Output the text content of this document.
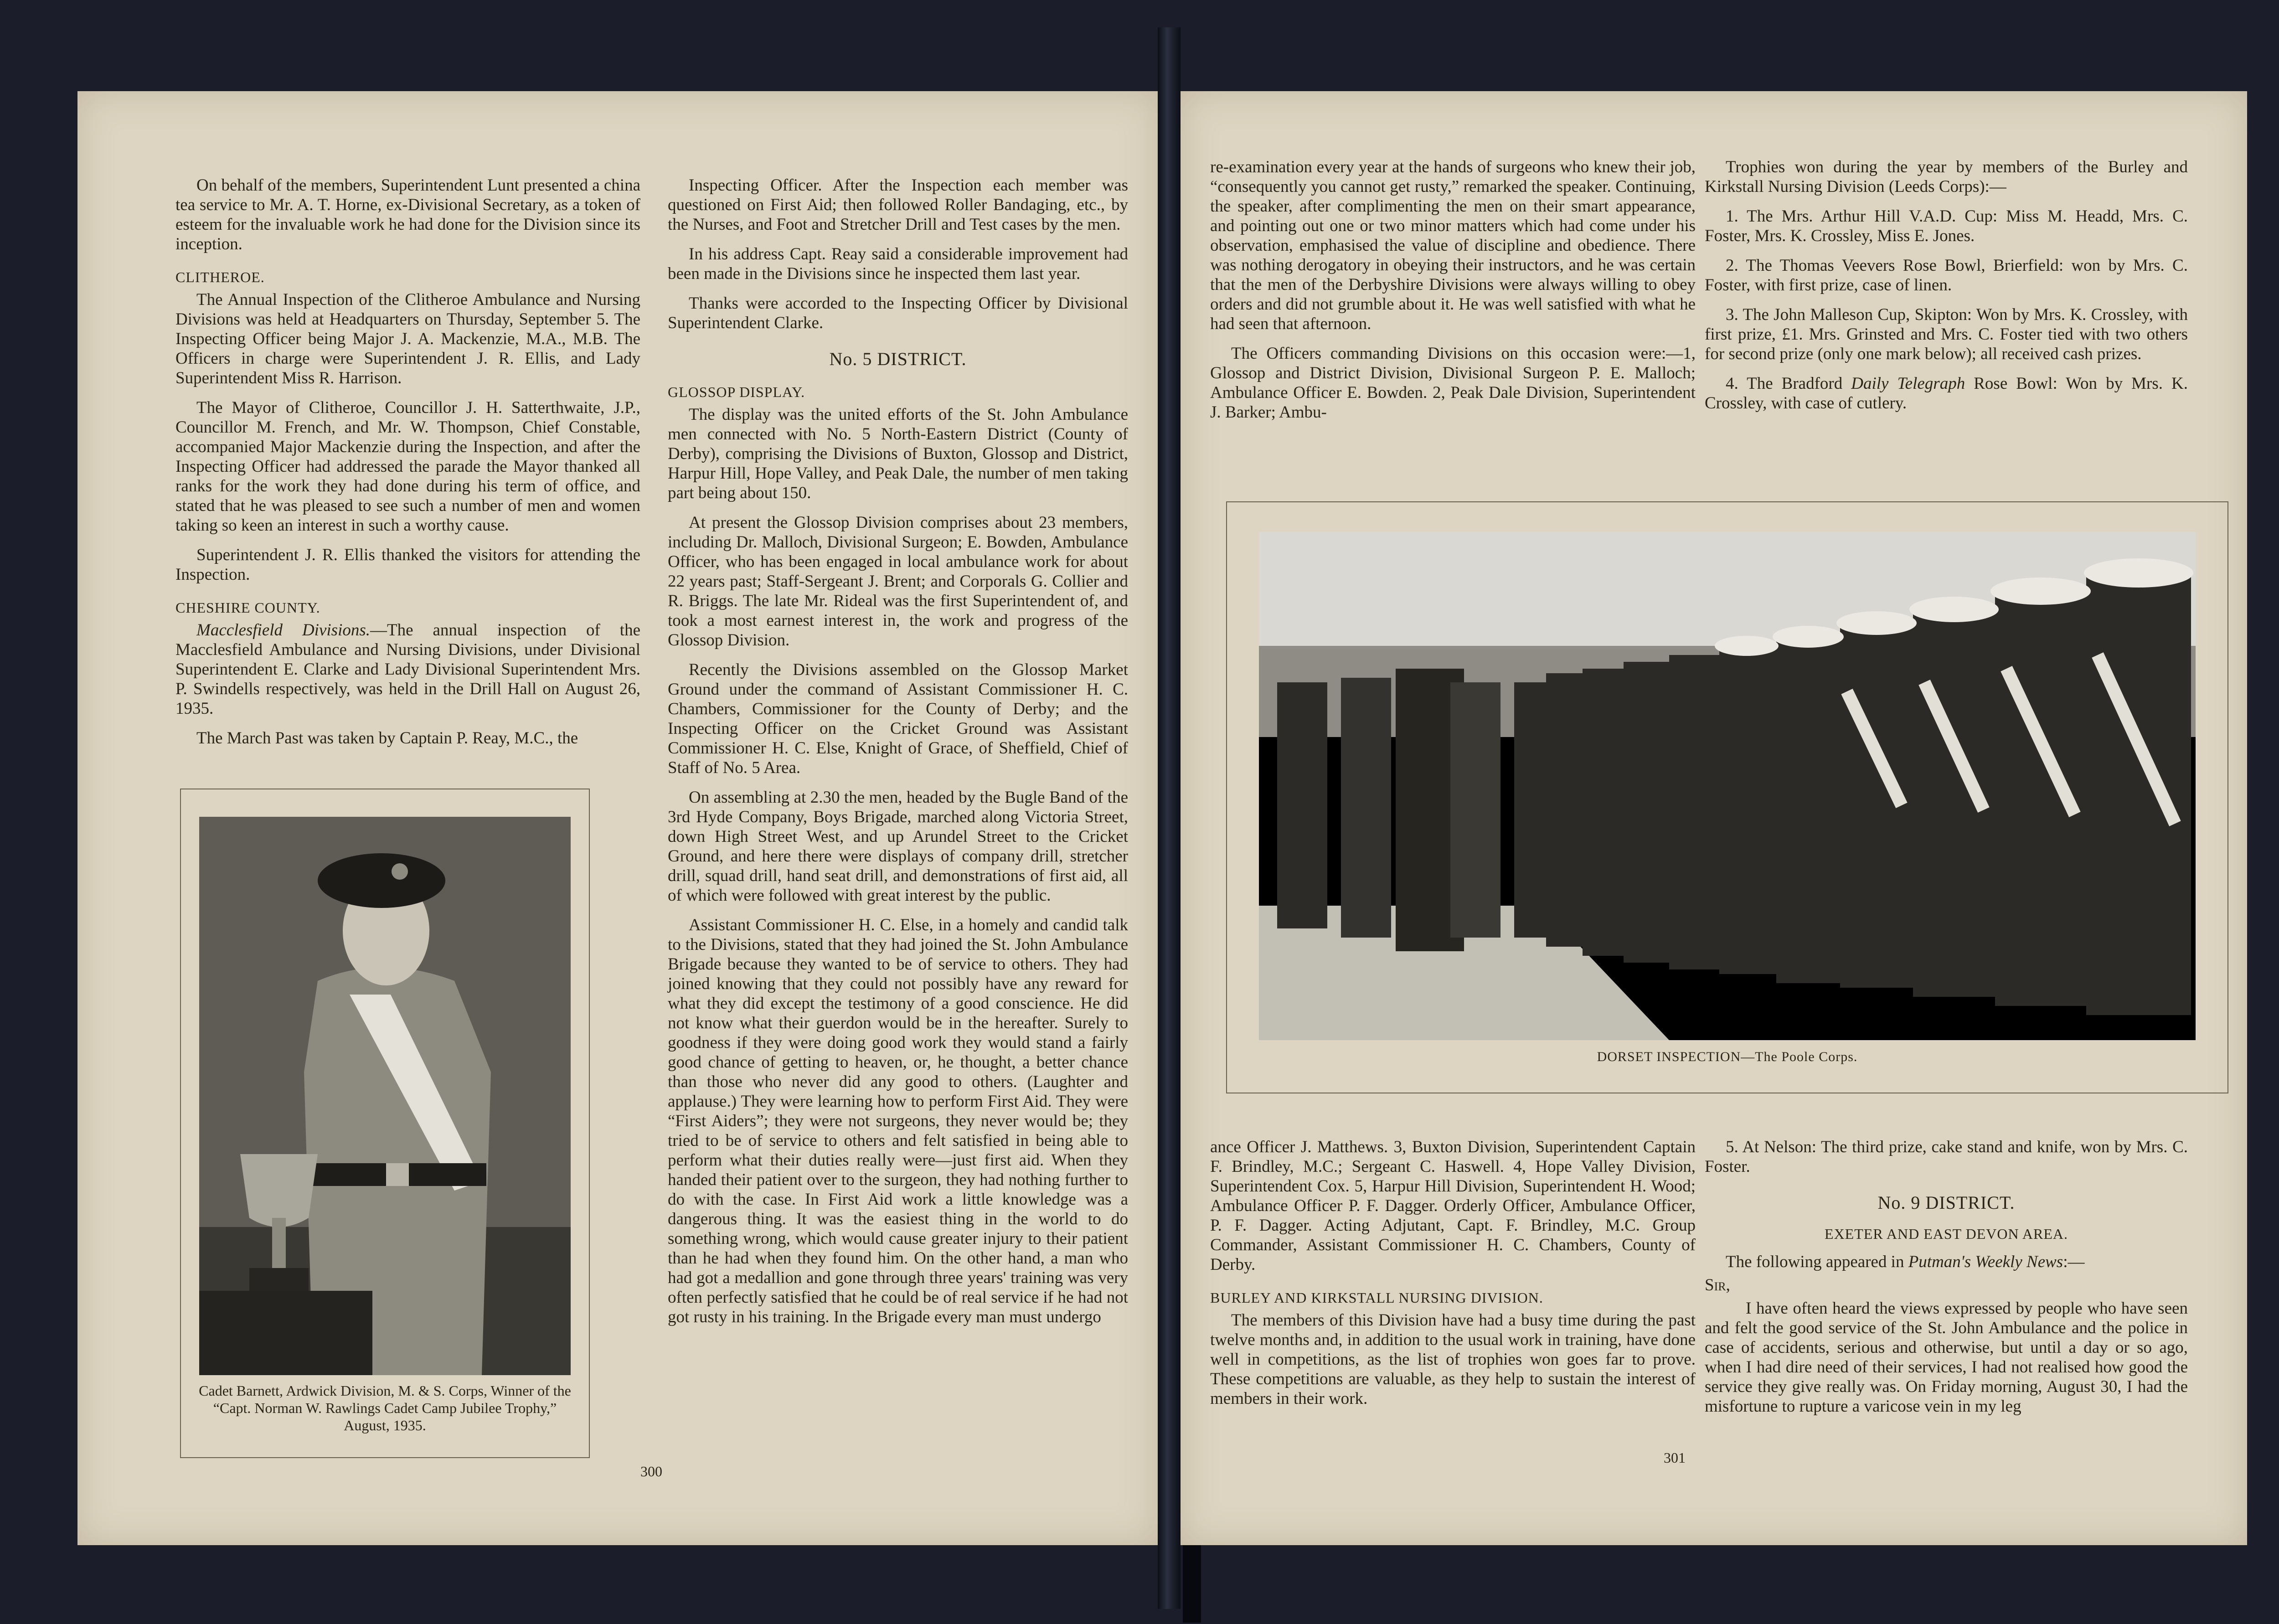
On behalf of the members, Superintendent Lunt presented a china tea service to Mr. A. T. Horne, ex-Divisional Secretary, as a token of esteem for the invaluable work he had done for the Division since its inception.

CLITHEROE.

The Annual Inspection of the Clitheroe Ambulance and Nursing Divisions was held at Headquarters on Thursday, September 5. The Inspecting Officer being Major J. A. Mackenzie, M.A., M.B. The Officers in charge were Superintendent J. R. Ellis, and Lady Superintendent Miss R. Harrison.

The Mayor of Clitheroe, Councillor J. H. Satterthwaite, J.P., Councillor M. French, and Mr. W. Thompson, Chief Constable, accompanied Major Mackenzie during the Inspection, and after the Inspecting Officer had addressed the parade the Mayor thanked all ranks for the work they had done during his term of office, and stated that he was pleased to see such a number of men and women taking so keen an interest in such a worthy cause.

Superintendent J. R. Ellis thanked the visitors for attending the Inspection.

CHESHIRE COUNTY.

Macclesfield Divisions.—The annual inspection of the Macclesfield Ambulance and Nursing Divisions, under Divisional Superintendent E. Clarke and Lady Divisional Superintendent Mrs. P. Swindells respectively, was held in the Drill Hall on August 26, 1935.

The March Past was taken by Captain P. Reay, M.C., the

Cadet Barnett, Ardwick Division, M. & S. Corps, Winner of the “Capt. Norman W. Rawlings Cadet Camp Jubilee Trophy,” August, 1935.

Inspecting Officer. After the Inspection each member was questioned on First Aid; then followed Roller Bandaging, etc., by the Nurses, and Foot and Stretcher Drill and Test cases by the men.

In his address Capt. Reay said a considerable improvement had been made in the Divisions since he inspected them last year.

Thanks were accorded to the Inspecting Officer by Divisional Superintendent Clarke.

No. 5 DISTRICT.
GLOSSOP DISPLAY.

The display was the united efforts of the St. John Ambulance men connected with No. 5 North-Eastern District (County of Derby), comprising the Divisions of Buxton, Glossop and District, Harpur Hill, Hope Valley, and Peak Dale, the number of men taking part being about 150.

At present the Glossop Division comprises about 23 members, including Dr. Malloch, Divisional Surgeon; E. Bowden, Ambulance Officer, who has been engaged in local ambulance work for about 22 years past; Staff-Sergeant J. Brent; and Corporals G. Collier and R. Briggs. The late Mr. Rideal was the first Superintendent of, and took a most earnest interest in, the work and progress of the Glossop Division.

Recently the Divisions assembled on the Glossop Market Ground under the command of Assistant Commissioner H. C. Chambers, Commissioner for the County of Derby; and the Inspecting Officer on the Cricket Ground was Assistant Commissioner H. C. Else, Knight of Grace, of Sheffield, Chief of Staff of No. 5 Area.

On assembling at 2.30 the men, headed by the Bugle Band of the 3rd Hyde Company, Boys Brigade, marched along Victoria Street, down High Street West, and up Arundel Street to the Cricket Ground, and here there were displays of company drill, stretcher drill, squad drill, hand seat drill, and demonstrations of first aid, all of which were followed with great interest by the public.

Assistant Commissioner H. C. Else, in a homely and candid talk to the Divisions, stated that they had joined the St. John Ambulance Brigade because they wanted to be of service to others. They had joined knowing that they could not possibly have any reward for what they did except the testimony of a good conscience. He did not know what their guerdon would be in the hereafter. Surely to goodness if they were doing good work they would stand a fairly good chance of getting to heaven, or, he thought, a better chance than those who never did any good to others. (Laughter and applause.) They were learning how to perform First Aid. They were “First Aiders”; they were not surgeons, they never would be; they tried to be of service to others and felt satisfied in being able to perform what their duties really were—just first aid. When they handed their patient over to the surgeon, they had nothing further to do with the case. In First Aid work a little knowledge was a dangerous thing. It was the easiest thing in the world to do something wrong, which would cause greater injury to their patient than he had when they found him. On the other hand, a man who had got a medallion and gone through three years' training was very often perfectly satisfied that he could be of real service if he had not got rusty in his training. In the Brigade every man must undergo

300

re-examination every year at the hands of surgeons who knew their job, “consequently you cannot get rusty,” remarked the speaker. Continuing, the speaker, after complimenting the men on their smart appearance, and pointing out one or two minor matters which had come under his observation, emphasised the value of discipline and obedience. There was nothing derogatory in obeying their instructors, and he was certain that the men of the Derbyshire Divisions were always willing to obey orders and did not grumble about it. He was well satisfied with what he had seen that afternoon.

The Officers commanding Divisions on this occasion were:—1, Glossop and District Division, Divisional Surgeon P. E. Malloch; Ambulance Officer E. Bowden. 2, Peak Dale Division, Superintendent J. Barker; Ambu-

Trophies won during the year by members of the Burley and Kirkstall Nursing Division (Leeds Corps):—

1. The Mrs. Arthur Hill V.A.D. Cup: Miss M. Headd, Mrs. C. Foster, Mrs. K. Crossley, Miss E. Jones.

2. The Thomas Veevers Rose Bowl, Brierfield: won by Mrs. C. Foster, with first prize, case of linen.

3. The John Malleson Cup, Skipton: Won by Mrs. K. Crossley, with first prize, £1. Mrs. Grinsted and Mrs. C. Foster tied with two others for second prize (only one mark below); all received cash prizes.

4. The Bradford Daily Telegraph Rose Bowl: Won by Mrs. K. Crossley, with case of cutlery.

DORSET INSPECTION—The Poole Corps.

ance Officer J. Matthews. 3, Buxton Division, Superintendent Captain F. Brindley, M.C.; Sergeant C. Haswell. 4, Hope Valley Division, Superintendent Cox. 5, Harpur Hill Division, Superintendent H. Wood; Ambulance Officer P. F. Dagger. Orderly Officer, Ambulance Officer, P. F. Dagger. Acting Adjutant, Capt. F. Brindley, M.C. Group Commander, Assistant Commissioner H. C. Chambers, County of Derby.

BURLEY AND KIRKSTALL NURSING DIVISION.

The members of this Division have had a busy time during the past twelve months and, in addition to the usual work in training, have done well in competitions, as the list of trophies won goes far to prove. These competitions are valuable, as they help to sustain the interest of members in their work.

5. At Nelson: The third prize, cake stand and knife, won by Mrs. C. Foster.

No. 9 DISTRICT.
EXETER AND EAST DEVON AREA.

The following appeared in Putman's Weekly News:—

Sir,

I have often heard the views expressed by people who have seen and felt the good service of the St. John Ambulance and the police in case of accidents, serious and otherwise, but until a day or so ago, when I had dire need of their services, I had not realised how good the service they give really was. On Friday morning, August 30, I had the misfortune to rupture a varicose vein in my leg

301
